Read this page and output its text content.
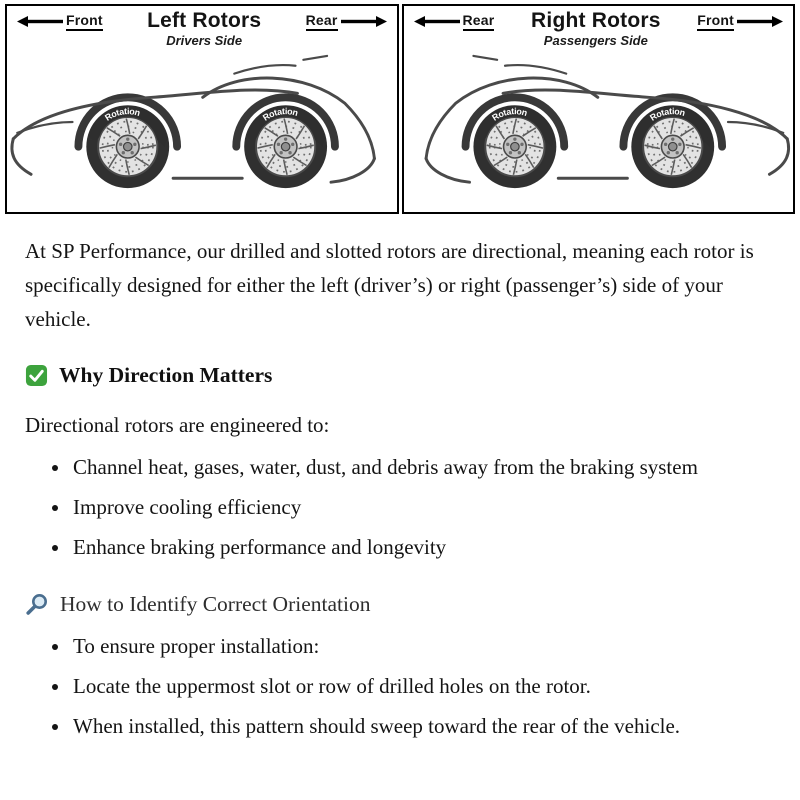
Front Left Rotors
Drivers Side
Rear
Rotation	Rotation
Rear Right Rotors
Passengers Side
Front
Rotation	Rotation

At SP Performance, our drilled and slotted rotors are directional, meaning each rotor is specifically designed for either the left (driver’s) or right (passenger’s) side of your vehicle.

Why Direction Matters

Directional rotors are engineered to:

• Channel heat, gases, water, dust, and debris away from the braking system
• Improve cooling efficiency
• Enhance braking performance and longevity
How to Identify Correct Orientation
• To ensure proper installation:
• Locate the uppermost slot or row of drilled holes on the rotor.
• When installed, this pattern should sweep toward the rear of the vehicle.
